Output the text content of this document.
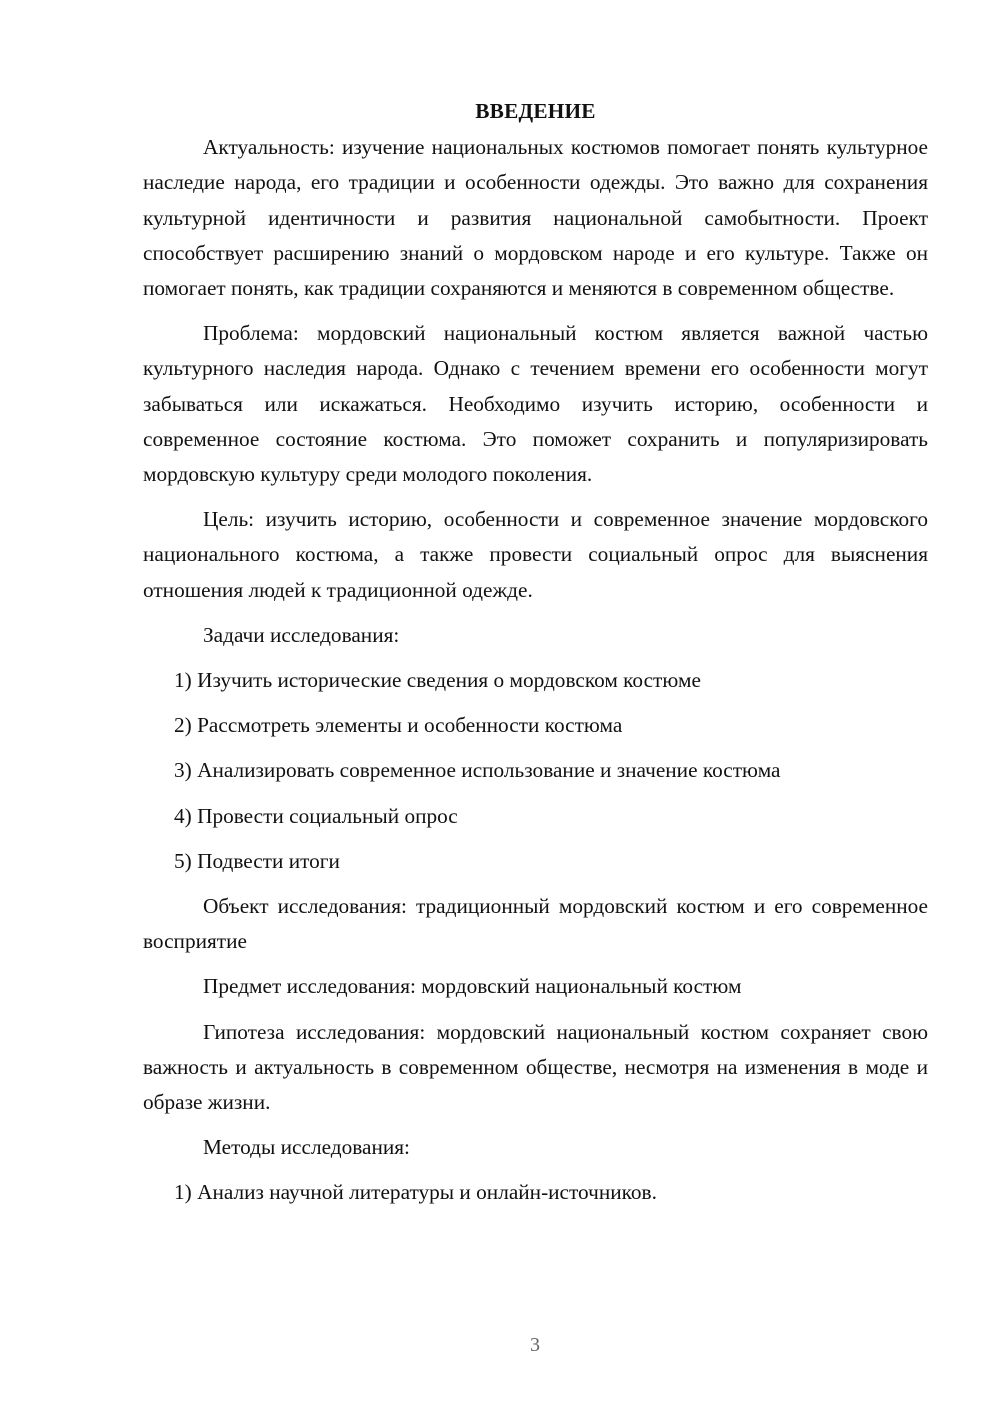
ВВЕДЕНИЕ

Актуальность: изучение национальных костюмов помогает понять культурное наследие народа, его традиции и особенности одежды. Это важно для сохранения культурной идентичности и развития национальной самобытности. Проект способствует расширению знаний о мордовском народе и его культуре. Также он помогает понять, как традиции сохраняются и меняются в современном обществе.

Проблема: мордовский национальный костюм является важной частью культурного наследия народа. Однако с течением времени его особенности могут забываться или искажаться. Необходимо изучить историю, особенности и современное состояние костюма. Это поможет сохранить и популяризировать мордовскую культуру среди молодого поколения.

Цель: изучить историю, особенности и современное значение мордовского национального костюма, а также провести социальный опрос для выяснения отношения людей к традиционной одежде.

Задачи исследования:

1) Изучить исторические сведения о мордовском костюме

2) Рассмотреть элементы и особенности костюма

3) Анализировать современное использование и значение костюма

4) Провести социальный опрос

5) Подвести итоги

Объект исследования: традиционный мордовский костюм и его современное восприятие

Предмет исследования: мордовский национальный костюм

Гипотеза исследования: мордовский национальный костюм сохраняет свою важность и актуальность в современном обществе, несмотря на изменения в моде и образе жизни.

Методы исследования:

1) Анализ научной литературы и онлайн-источников.

3
